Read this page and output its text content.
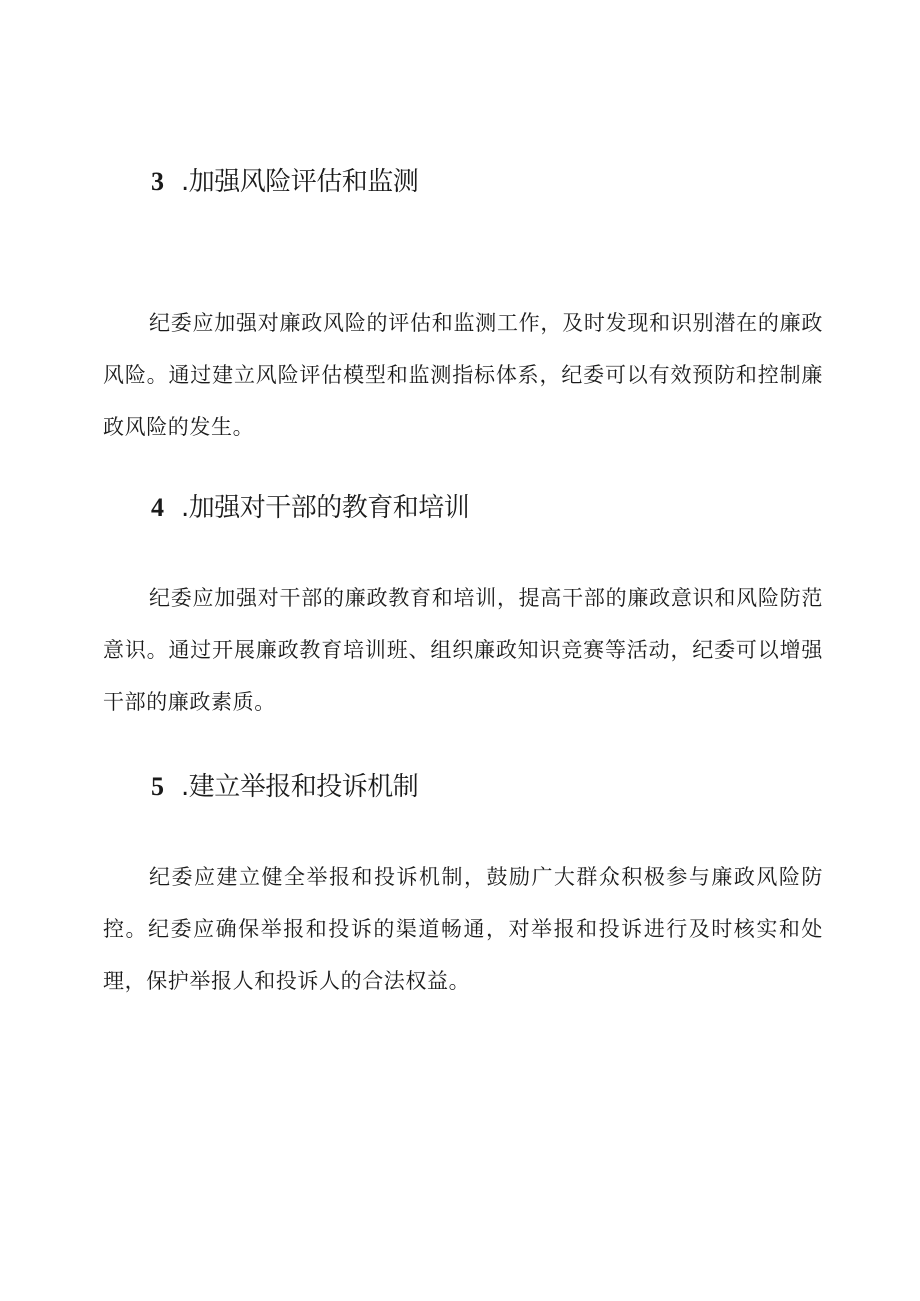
3 .加强风险评估和监测

纪委应加强对廉政风险的评估和监测工作，及时发现和识别潜在的廉政风险。通过建立风险评估模型和监测指标体系，纪委可以有效预防和控制廉政风险的发生。

4 .加强对干部的教育和培训

纪委应加强对干部的廉政教育和培训，提高干部的廉政意识和风险防范意识。通过开展廉政教育培训班、组织廉政知识竞赛等活动，纪委可以增强干部的廉政素质。

5 .建立举报和投诉机制

纪委应建立健全举报和投诉机制，鼓励广大群众积极参与廉政风险防控。纪委应确保举报和投诉的渠道畅通，对举报和投诉进行及时核实和处理，保护举报人和投诉人的合法权益。
